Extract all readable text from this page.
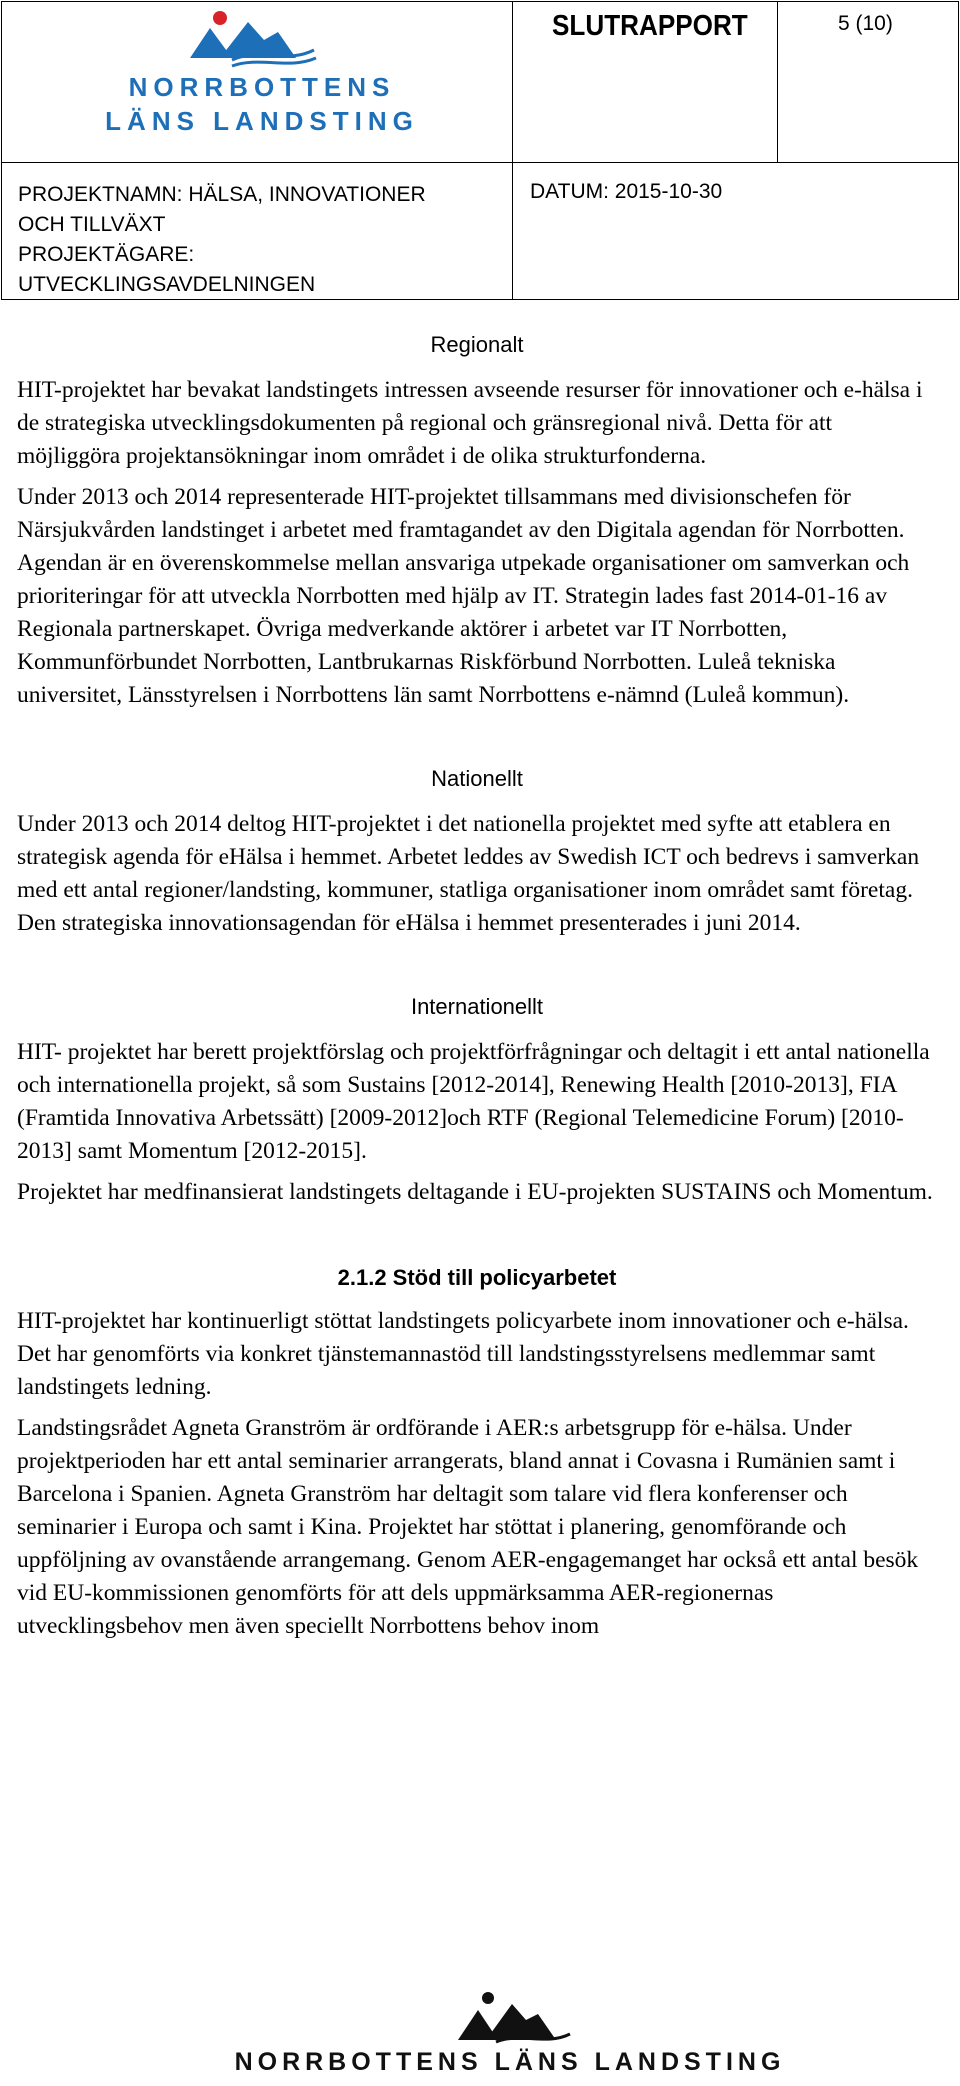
NORRBOTTENS
LÄNS LANDSTING
SLUTRAPPORT	5 (10)
PROJEKTNAMN: HÄLSA, INNOVATIONER
OCH TILLVÄXT
PROJEKTÄGARE:
UTVECKLINGSAVDELNINGEN
DATUM: 2015-10-30
Regionalt

HIT-projektet har bevakat landstingets intressen avseende resurser för innovationer och e-hälsa i de strategiska utvecklingsdokumenten på regional och gränsregional nivå. Detta för att möjliggöra projektansökningar inom området i de olika strukturfonderna.

Under 2013 och 2014 representerade HIT-projektet tillsammans med divisionschefen för Närsjukvården landstinget i arbetet med framtagandet av den Digitala agendan för Norrbotten. Agendan är en överenskommelse mellan ansvariga utpekade organisationer om samverkan och prioriteringar för att utveckla Norrbotten med hjälp av IT. Strategin lades fast 2014-01-16 av Regionala partnerskapet. Övriga medverkande aktörer i arbetet var IT Norrbotten, Kommunförbundet Norrbotten, Lantbrukarnas Riskförbund Norrbotten. Luleå tekniska universitet, Länsstyrelsen i Norrbottens län samt Norrbottens e-nämnd (Luleå kommun).

Nationellt

Under 2013 och 2014 deltog HIT-projektet i det nationella projektet med syfte att etablera en strategisk agenda för eHälsa i hemmet. Arbetet leddes av Swedish ICT och bedrevs i samverkan med ett antal regioner/landsting, kommuner, statliga organisationer inom området samt företag. Den strategiska innovationsagendan för eHälsa i hemmet presenterades i juni 2014.

Internationellt

HIT- projektet har berett projektförslag och projektförfrågningar och deltagit i ett antal nationella och internationella projekt, så som Sustains [2012-2014], Renewing Health [2010-2013], FIA (Framtida Innovativa Arbetssätt) [2009-2012]och RTF (Regional Telemedicine Forum) [2010-2013] samt Momentum [2012-2015].

Projektet har medfinansierat landstingets deltagande i EU-projekten SUSTAINS och Momentum.

2.1.2 Stöd till policyarbetet

HIT-projektet har kontinuerligt stöttat landstingets policyarbete inom innovationer och e-hälsa. Det har genomförts via konkret tjänstemannastöd till landstingsstyrelsens medlemmar samt landstingets ledning.

Landstingsrådet Agneta Granström är ordförande i AER:s arbetsgrupp för e-hälsa. Under projektperioden har ett antal seminarier arrangerats, bland annat i Covasna i Rumänien samt i Barcelona i Spanien. Agneta Granström har deltagit som talare vid flera konferenser och seminarier i Europa och samt i Kina. Projektet har stöttat i planering, genomförande och uppföljning av ovanstående arrangemang. Genom AER-engagemanget har också ett antal besök vid EU-kommissionen genomförts för att dels uppmärksamma AER-regionernas utvecklingsbehov men även speciellt Norrbottens behov inom

NORRBOTTENS LÄNS LANDSTING
